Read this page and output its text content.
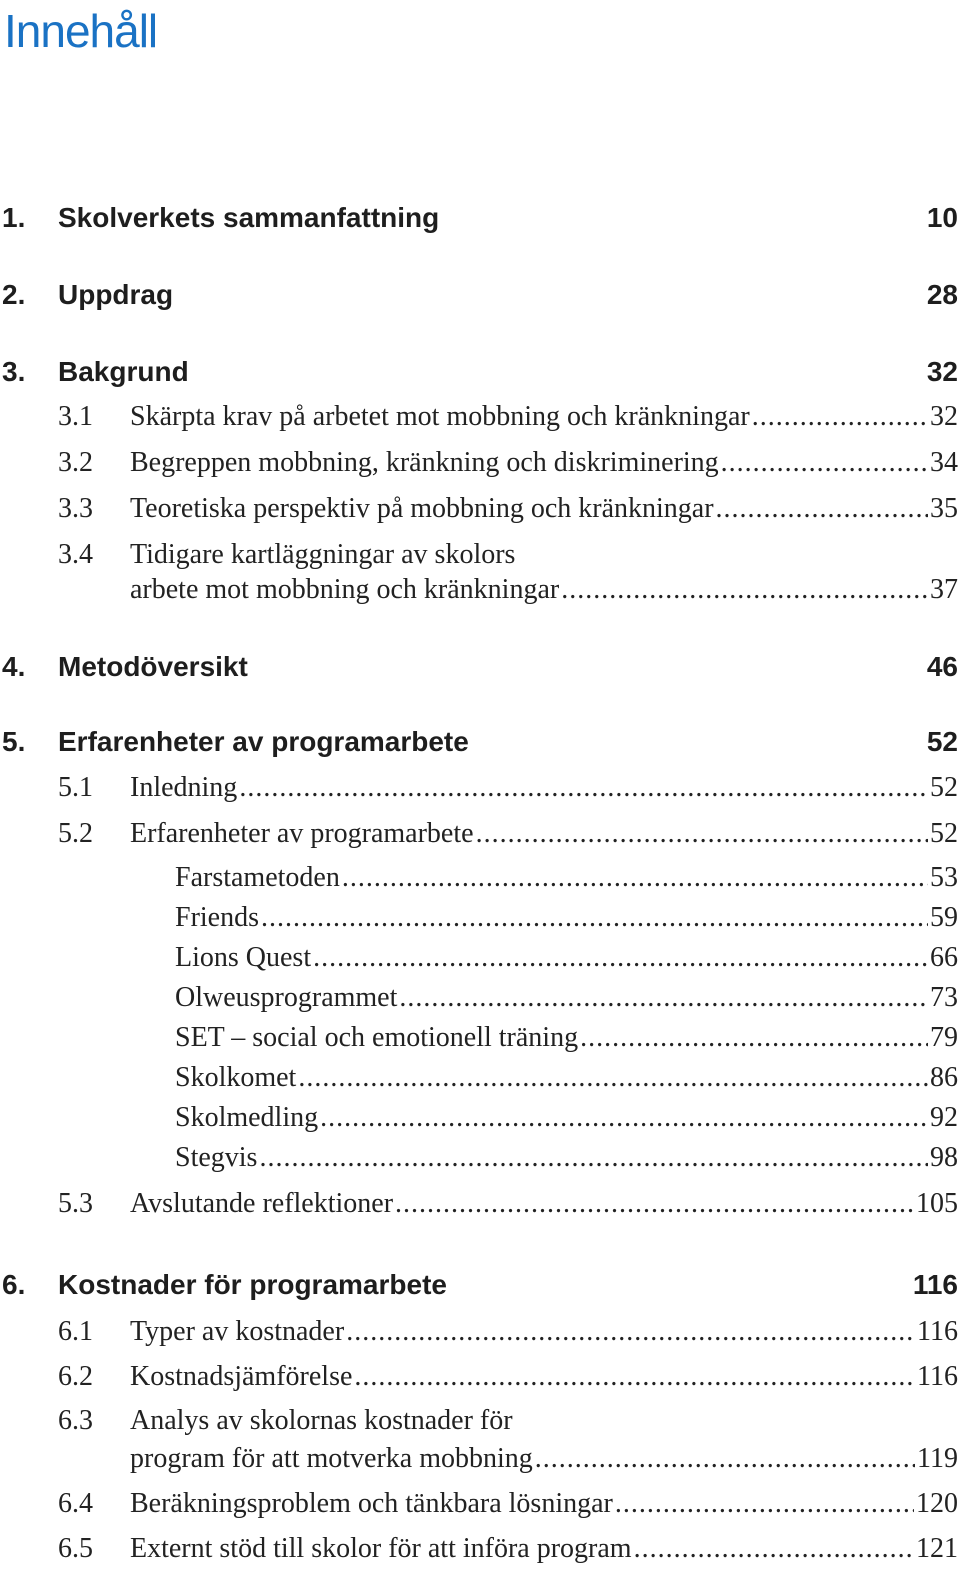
Innehåll
1. Skolverkets sammanfattning	10
2. Uppdrag	28
3. Bakgrund	32
3.1 Skärpta krav på arbetet mot mobbning och kränkningar .....	32
3.2 Begreppen mobbning, kränkning och diskriminering .....	34
3.3 Teoretiska perspektiv på mobbning och kränkningar .....	35
3.4 Tidigare kartläggningar av skolors
arbete mot mobbning och kränkningar .....	37
4. Metodöversikt	46
5. Erfarenheter av programarbete	52
5.1 Inledning .....	52
5.2 Erfarenheter av programarbete .....	52
Farstametoden .....	53
Friends .....	59
Lions Quest .....	66
Olweusprogrammet .....	73
SET – social och emotionell träning .....	79
Skolkomet .....	86
Skolmedling .....	92
Stegvis .....	98
5.3 Avslutande reflektioner .....	105
6. Kostnader för programarbete	116
6.1 Typer av kostnader .....	116
6.2 Kostnadsjämförelse .....	116
6.3 Analys av skolornas kostnader för
program för att motverka mobbning .....	119
6.4 Beräkningsproblem och tänkbara lösningar .....	120
6.5 Externt stöd till skolor för att införa program .....	121
